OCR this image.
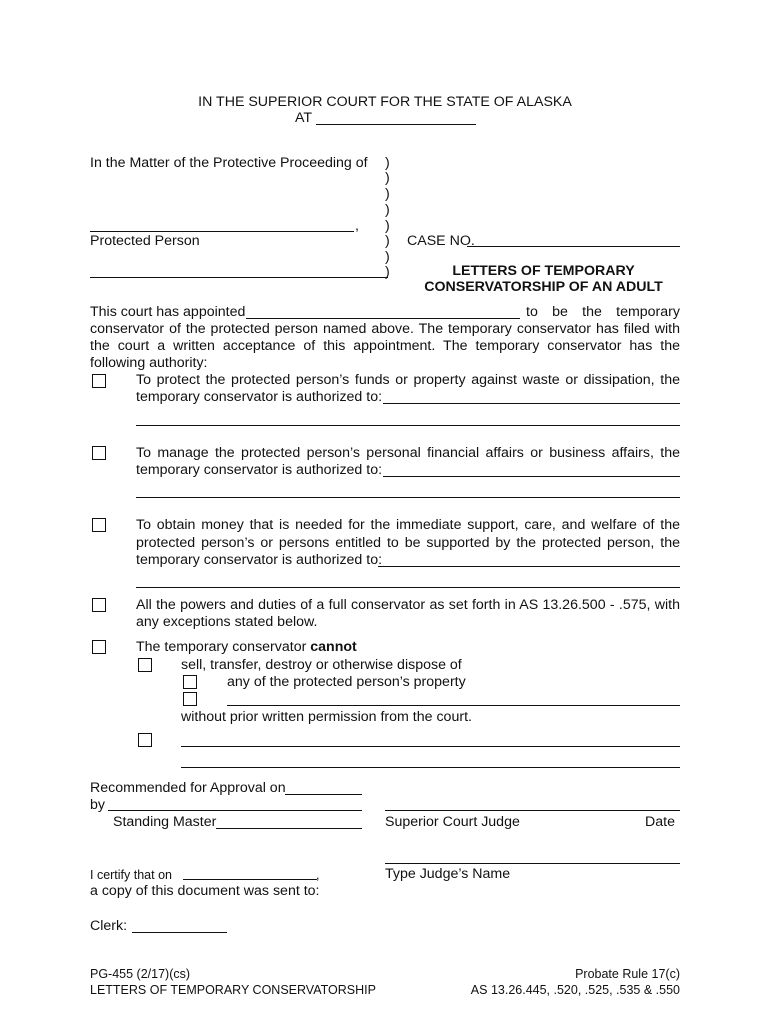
IN THE SUPERIOR COURT FOR THE STATE OF ALASKA
AT
In the Matter of the Protective Proceeding of )
)
)
)
)
)
)
)
,
Protected Person	CASE NO.
LETTERS OF TEMPORARY
CONSERVATORSHIP OF AN ADULT
This court has appointed	to be the temporary
conservator of the protected person named above. The temporary conservator has filed with
the court a written acceptance of this appointment. The temporary conservator has the
following authority:
To protect the protected person’s funds or property against waste or dissipation, the
temporary conservator is authorized to:
To manage the protected person’s personal financial affairs or business affairs, the
temporary conservator is authorized to:
To obtain money that is needed for the immediate support, care, and welfare of the
protected person’s or persons entitled to be supported by the protected person, the
temporary conservator is authorized to:
All the powers and duties of a full conservator as set forth in AS 13.26.500 - .575, with
any exceptions stated below.
The temporary conservator cannot
sell, transfer, destroy or otherwise dispose of
any of the protected person’s property
without prior written permission from the court.
Recommended for Approval on
by
Standing Master	Superior Court Judge	Date
Type Judge’s Name
I certify that on	,
a copy of this document was sent to:
Clerk:
PG-455 (2/17)(cs)
LETTERS OF TEMPORARY CONSERVATORSHIP
Probate Rule 17(c)
AS 13.26.445, .520, .525, .535 & .550
